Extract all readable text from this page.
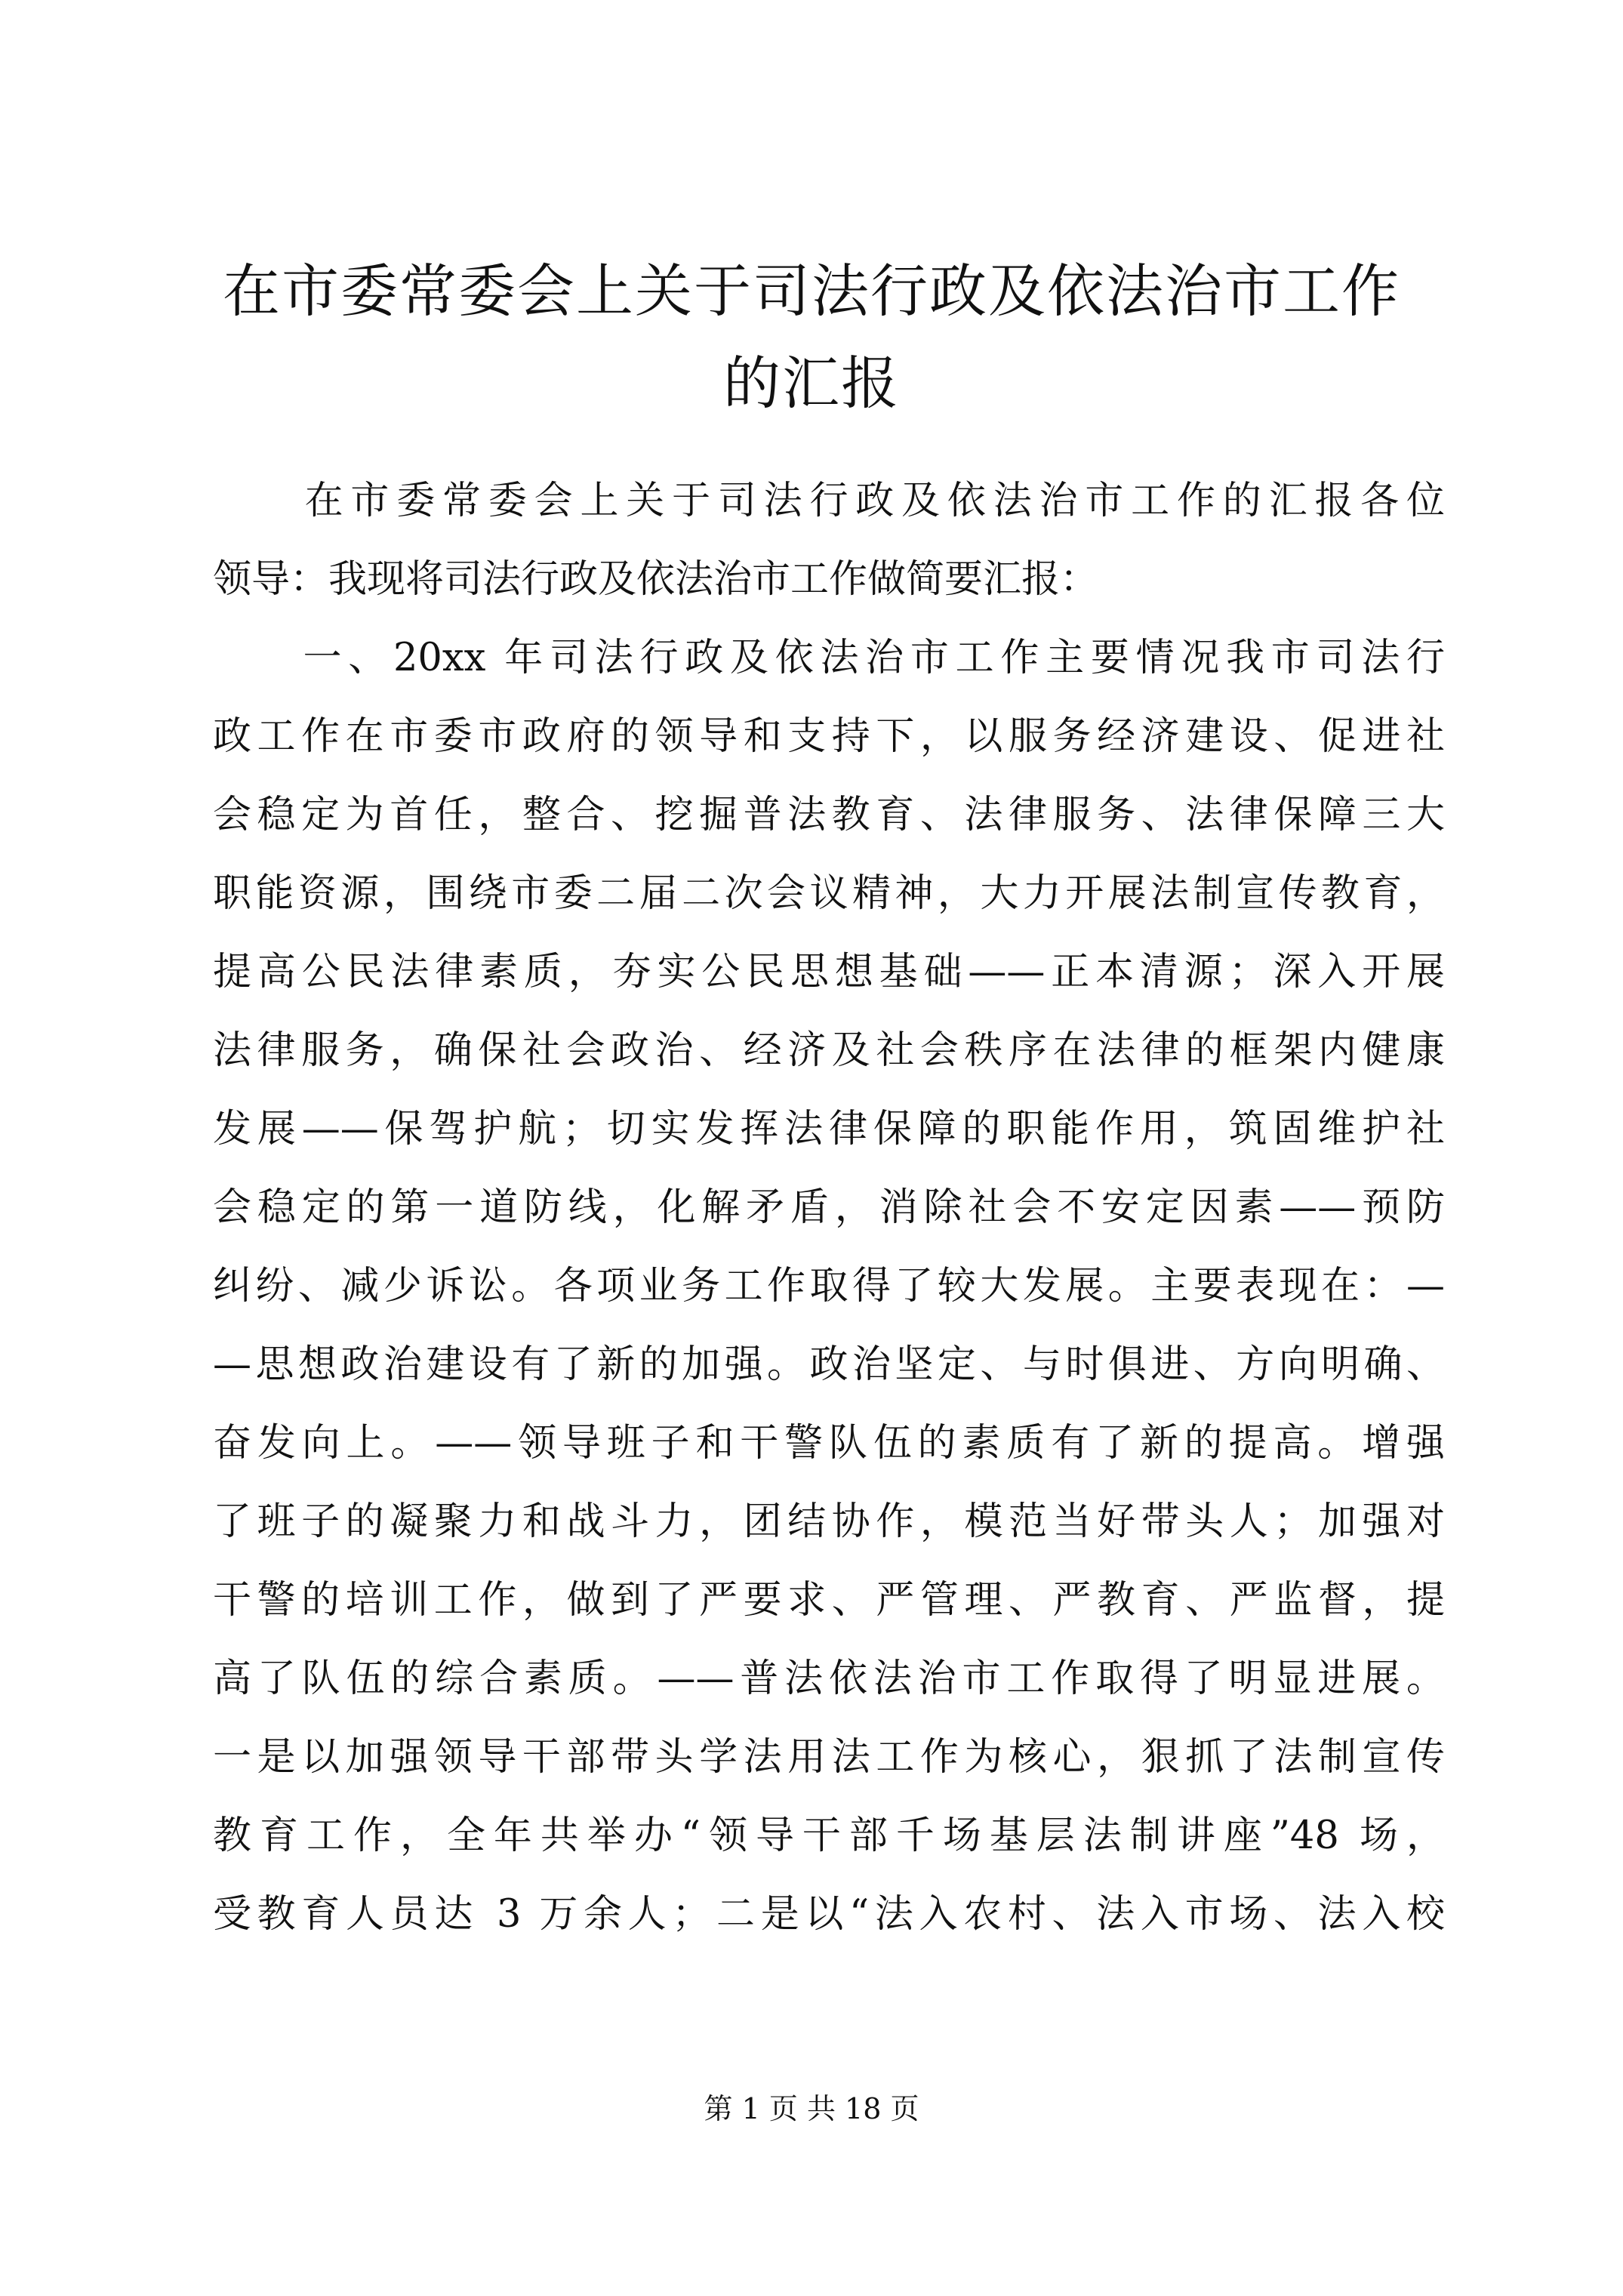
在市委常委会上关于司法行政及依法治市工作
的汇报
　　在市委常委会上关于司法行政及依法治市工作的汇报各位
领导：我现将司法行政及依法治市工作做简要汇报：
　　一、20xx 年司法行政及依法治市工作主要情况我市司法行
政工作在市委市政府的领导和支持下，以服务经济建设、促进社
会稳定为首任，整合、挖掘普法教育、法律服务、法律保障三大
职能资源，围绕市委二届二次会议精神，大力开展法制宣传教育，
提高公民法律素质，夯实公民思想基础——正本清源；深入开展
法律服务，确保社会政治、经济及社会秩序在法律的框架内健康
发展——保驾护航；切实发挥法律保障的职能作用，筑固维护社
会稳定的第一道防线，化解矛盾，消除社会不安定因素——预防
纠纷、减少诉讼。各项业务工作取得了较大发展。主要表现在：—
—思想政治建设有了新的加强。政治坚定、与时俱进、方向明确、
奋发向上。——领导班子和干警队伍的素质有了新的提高。增强
了班子的凝聚力和战斗力，团结协作，模范当好带头人；加强对
干警的培训工作，做到了严要求、严管理、严教育、严监督，提
高了队伍的综合素质。——普法依法治市工作取得了明显进展。
一是以加强领导干部带头学法用法工作为核心，狠抓了法制宣传
教育工作，全年共举办“领导干部千场基层法制讲座”48 场，
受教育人员达 3 万余人；二是以“法入农村、法入市场、法入校
第 1 页 共 18 页
